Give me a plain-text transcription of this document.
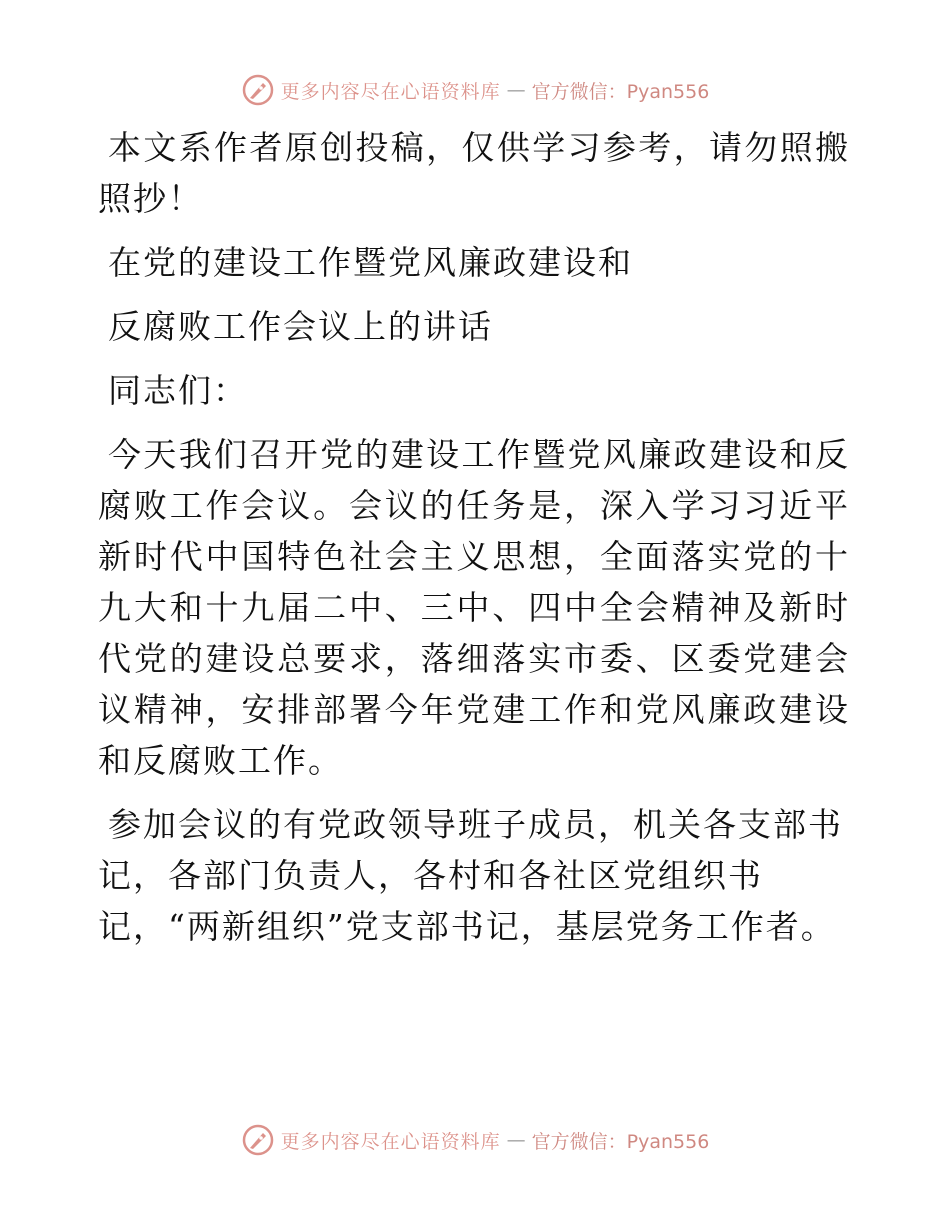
更多内容尽在心语资料库 — 官方微信：Pyan556

本文系作者原创投稿，仅供学习参考，请勿照搬照抄！

在党的建设工作暨党风廉政建设和

反腐败工作会议上的讲话

同志们：

今天我们召开党的建设工作暨党风廉政建设和反腐败工作会议。会议的任务是，深入学习习近平新时代中国特色社会主义思想，全面落实党的十九大和十九届二中、三中、四中全会精神及新时代党的建设总要求，落细落实市委、区委党建会议精神，安排部署今年党建工作和党风廉政建设和反腐败工作。

参加会议的有党政领导班子成员，机关各支部书
记，各部门负责人，各村和各社区党组织书
记，“两新组织”党支部书记，基层党务工作者。
更多内容尽在心语资料库 — 官方微信：Pyan556
